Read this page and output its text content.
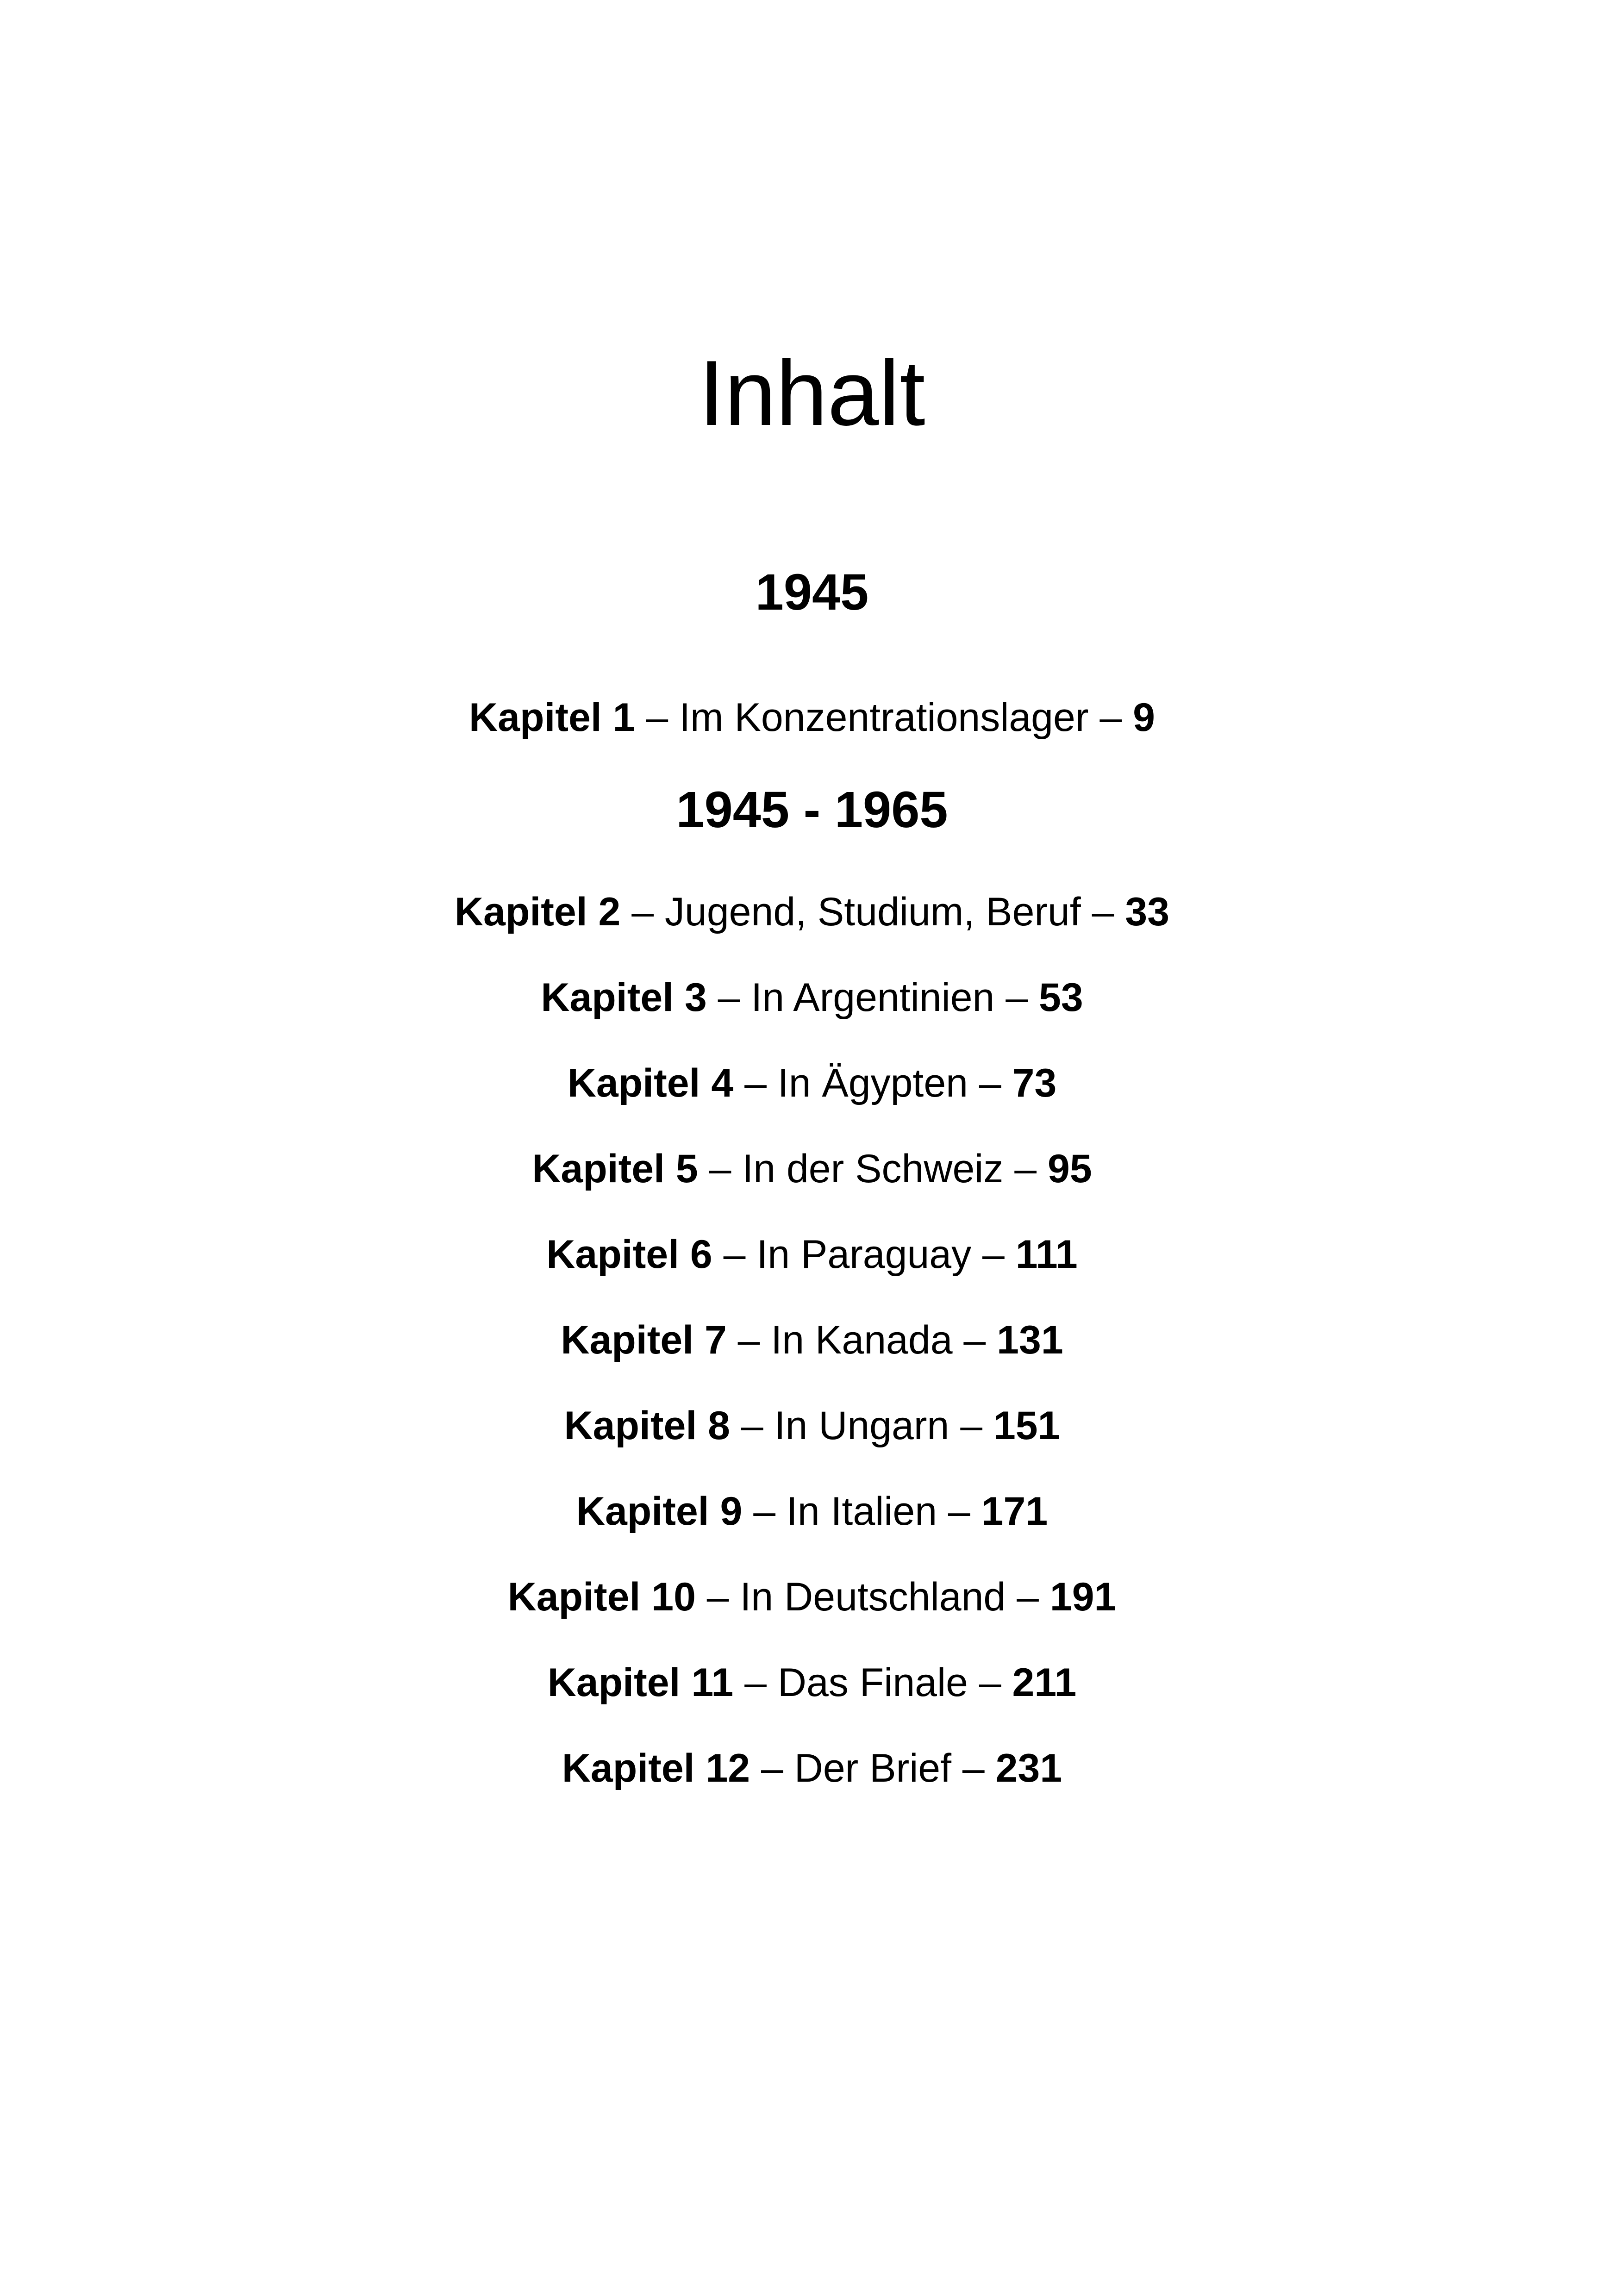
Inhalt
1945
Kapitel 1 – Im Konzentrationslager – 9
1945 - 1965
Kapitel 2 – Jugend, Studium, Beruf – 33
Kapitel 3 – In Argentinien – 53
Kapitel 4 – In Ägypten – 73
Kapitel 5 – In der Schweiz – 95
Kapitel 6 – In Paraguay – 111
Kapitel 7 – In Kanada – 131
Kapitel 8 – In Ungarn – 151
Kapitel 9 – In Italien – 171
Kapitel 10 – In Deutschland – 191
Kapitel 11 – Das Finale – 211
Kapitel 12 – Der Brief – 231
